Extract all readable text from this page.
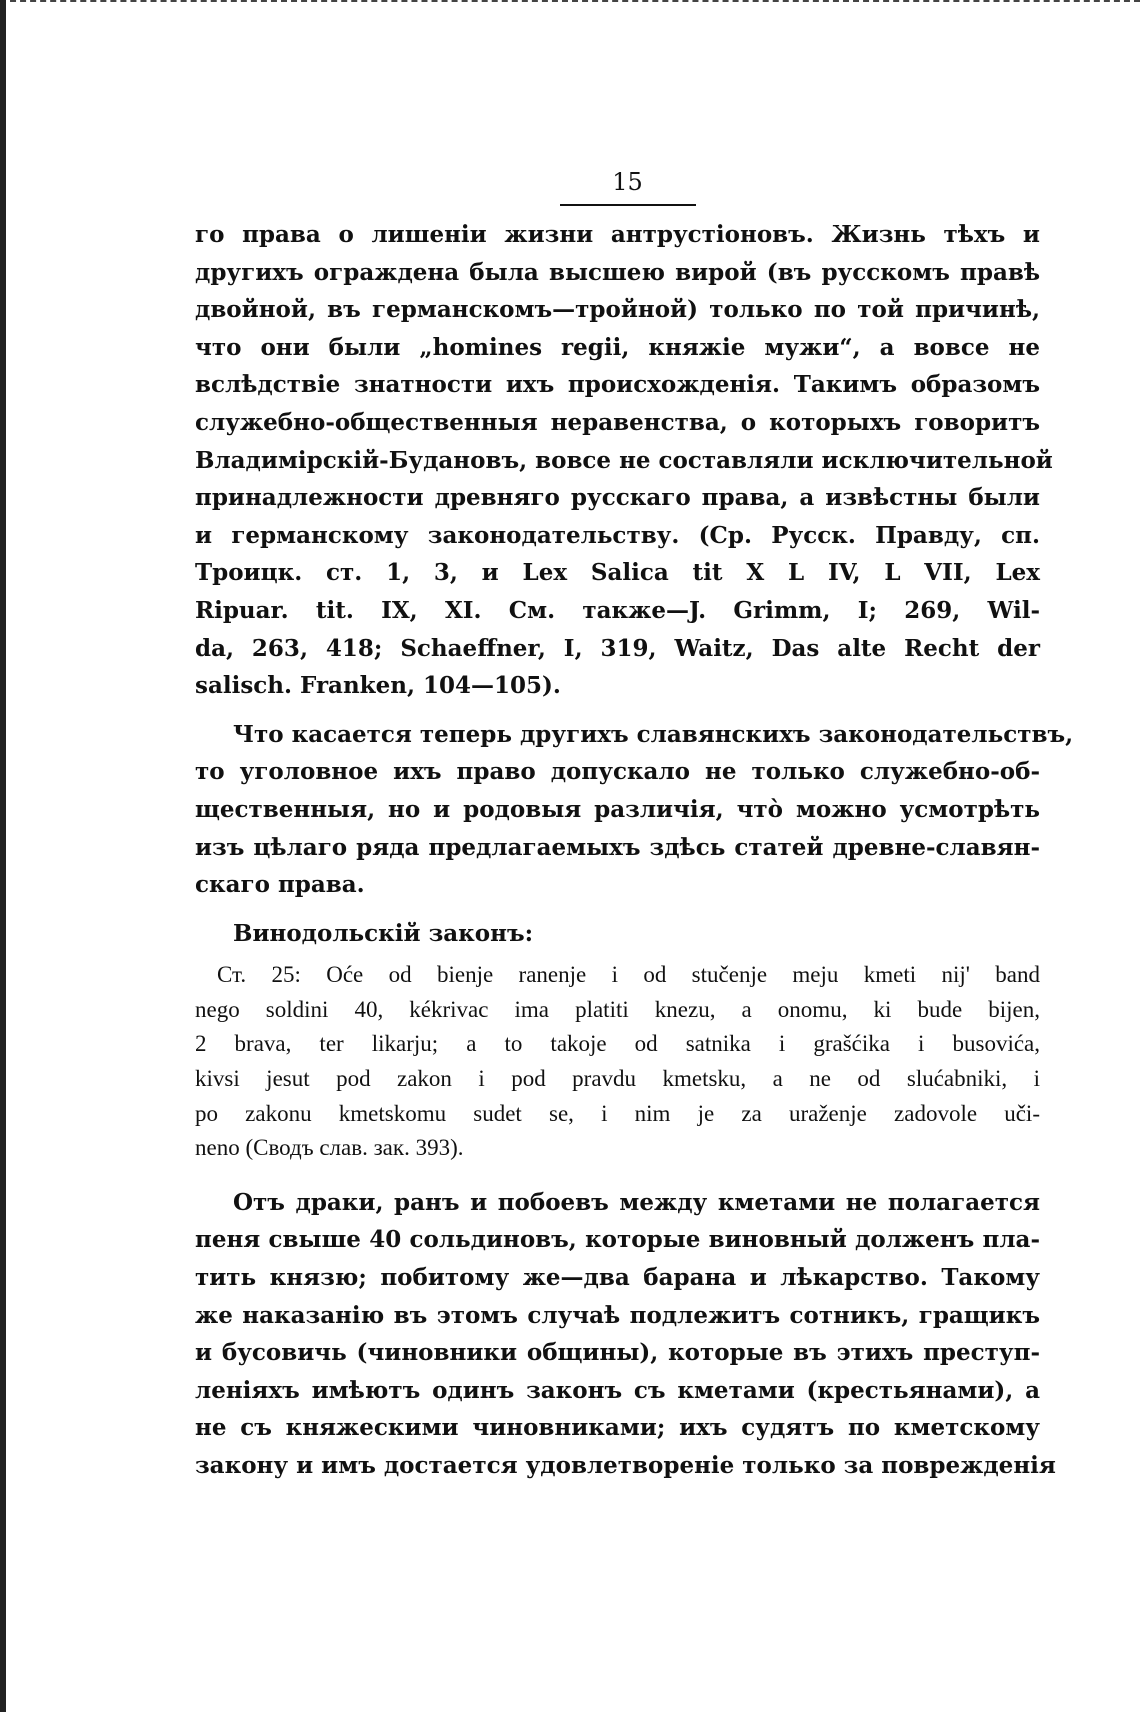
15
го права о лишеніи жизни антрустіоновъ. Жизнь тѣхъ и
другихъ ограждена была высшею вирой (въ русскомъ правѣ
двойной, въ германскомъ—тройной) только по той причинѣ,
что они были „homines regii, княжіе мужи“, а вовсе не
вслѣдствіе знатности ихъ происхожденія. Такимъ образомъ
служебно-общественныя неравенства, о которыхъ говоритъ
Владимірскій-Будановъ, вовсе не составляли исключительной
принадлежности древняго русскаго права, а извѣстны были
и германскому законодательству. (Ср. Русск. Правду, сп.
Троицк. ст. 1, 3, и Lex Salica tit X L IV, L VII, Lex
Ripuar. tit. IX, XI. См. также—J. Grimm, I; 269, Wil-
da, 263, 418; Schaeffner, I, 319, Waitz, Das alte Recht der
salisch. Franken, 104—105).
Что касается теперь другихъ славянскихъ законодательствъ,
то уголовное ихъ право допускало не только служебно-об-
щественныя, но и родовыя различія, чтò можно усмотрѣть
изъ цѣлаго ряда предлагаемыхъ здѣсь статей древне-славян-
скаго права.
Винодольскій законъ:
Ст. 25: Oće od bienje ranenje i od stučenje meju kmeti nij' band
nego soldini 40, kékrivac ima platiti knezu, a onomu, ki bude bijen,
2 brava, ter likarju; a to takoje od satnika i grašćika i busovića,
kivsi jesut pod zakon i pod pravdu kmetsku, a ne od slućabniki, i
po zakonu kmetskomu sudet se, i nim je za uraženje zadovole uči-
neno (Сводъ слав. зак. 393).
Отъ драки, ранъ и побоевъ между кметами не полагается
пеня свыше 40 сольдиновъ, которые виновный долженъ пла-
тить князю; побитому же—два барана и лѣкарство. Такому
же наказанію въ этомъ случаѣ подлежитъ сотникъ, гращикъ
и бусовичь (чиновники общины), которые въ этихъ преступ-
леніяхъ имѣютъ одинъ законъ съ кметами (крестьянами), а
не съ княжескими чиновниками; ихъ судятъ по кметскому
закону и имъ достается удовлетвореніе только за поврежденія
